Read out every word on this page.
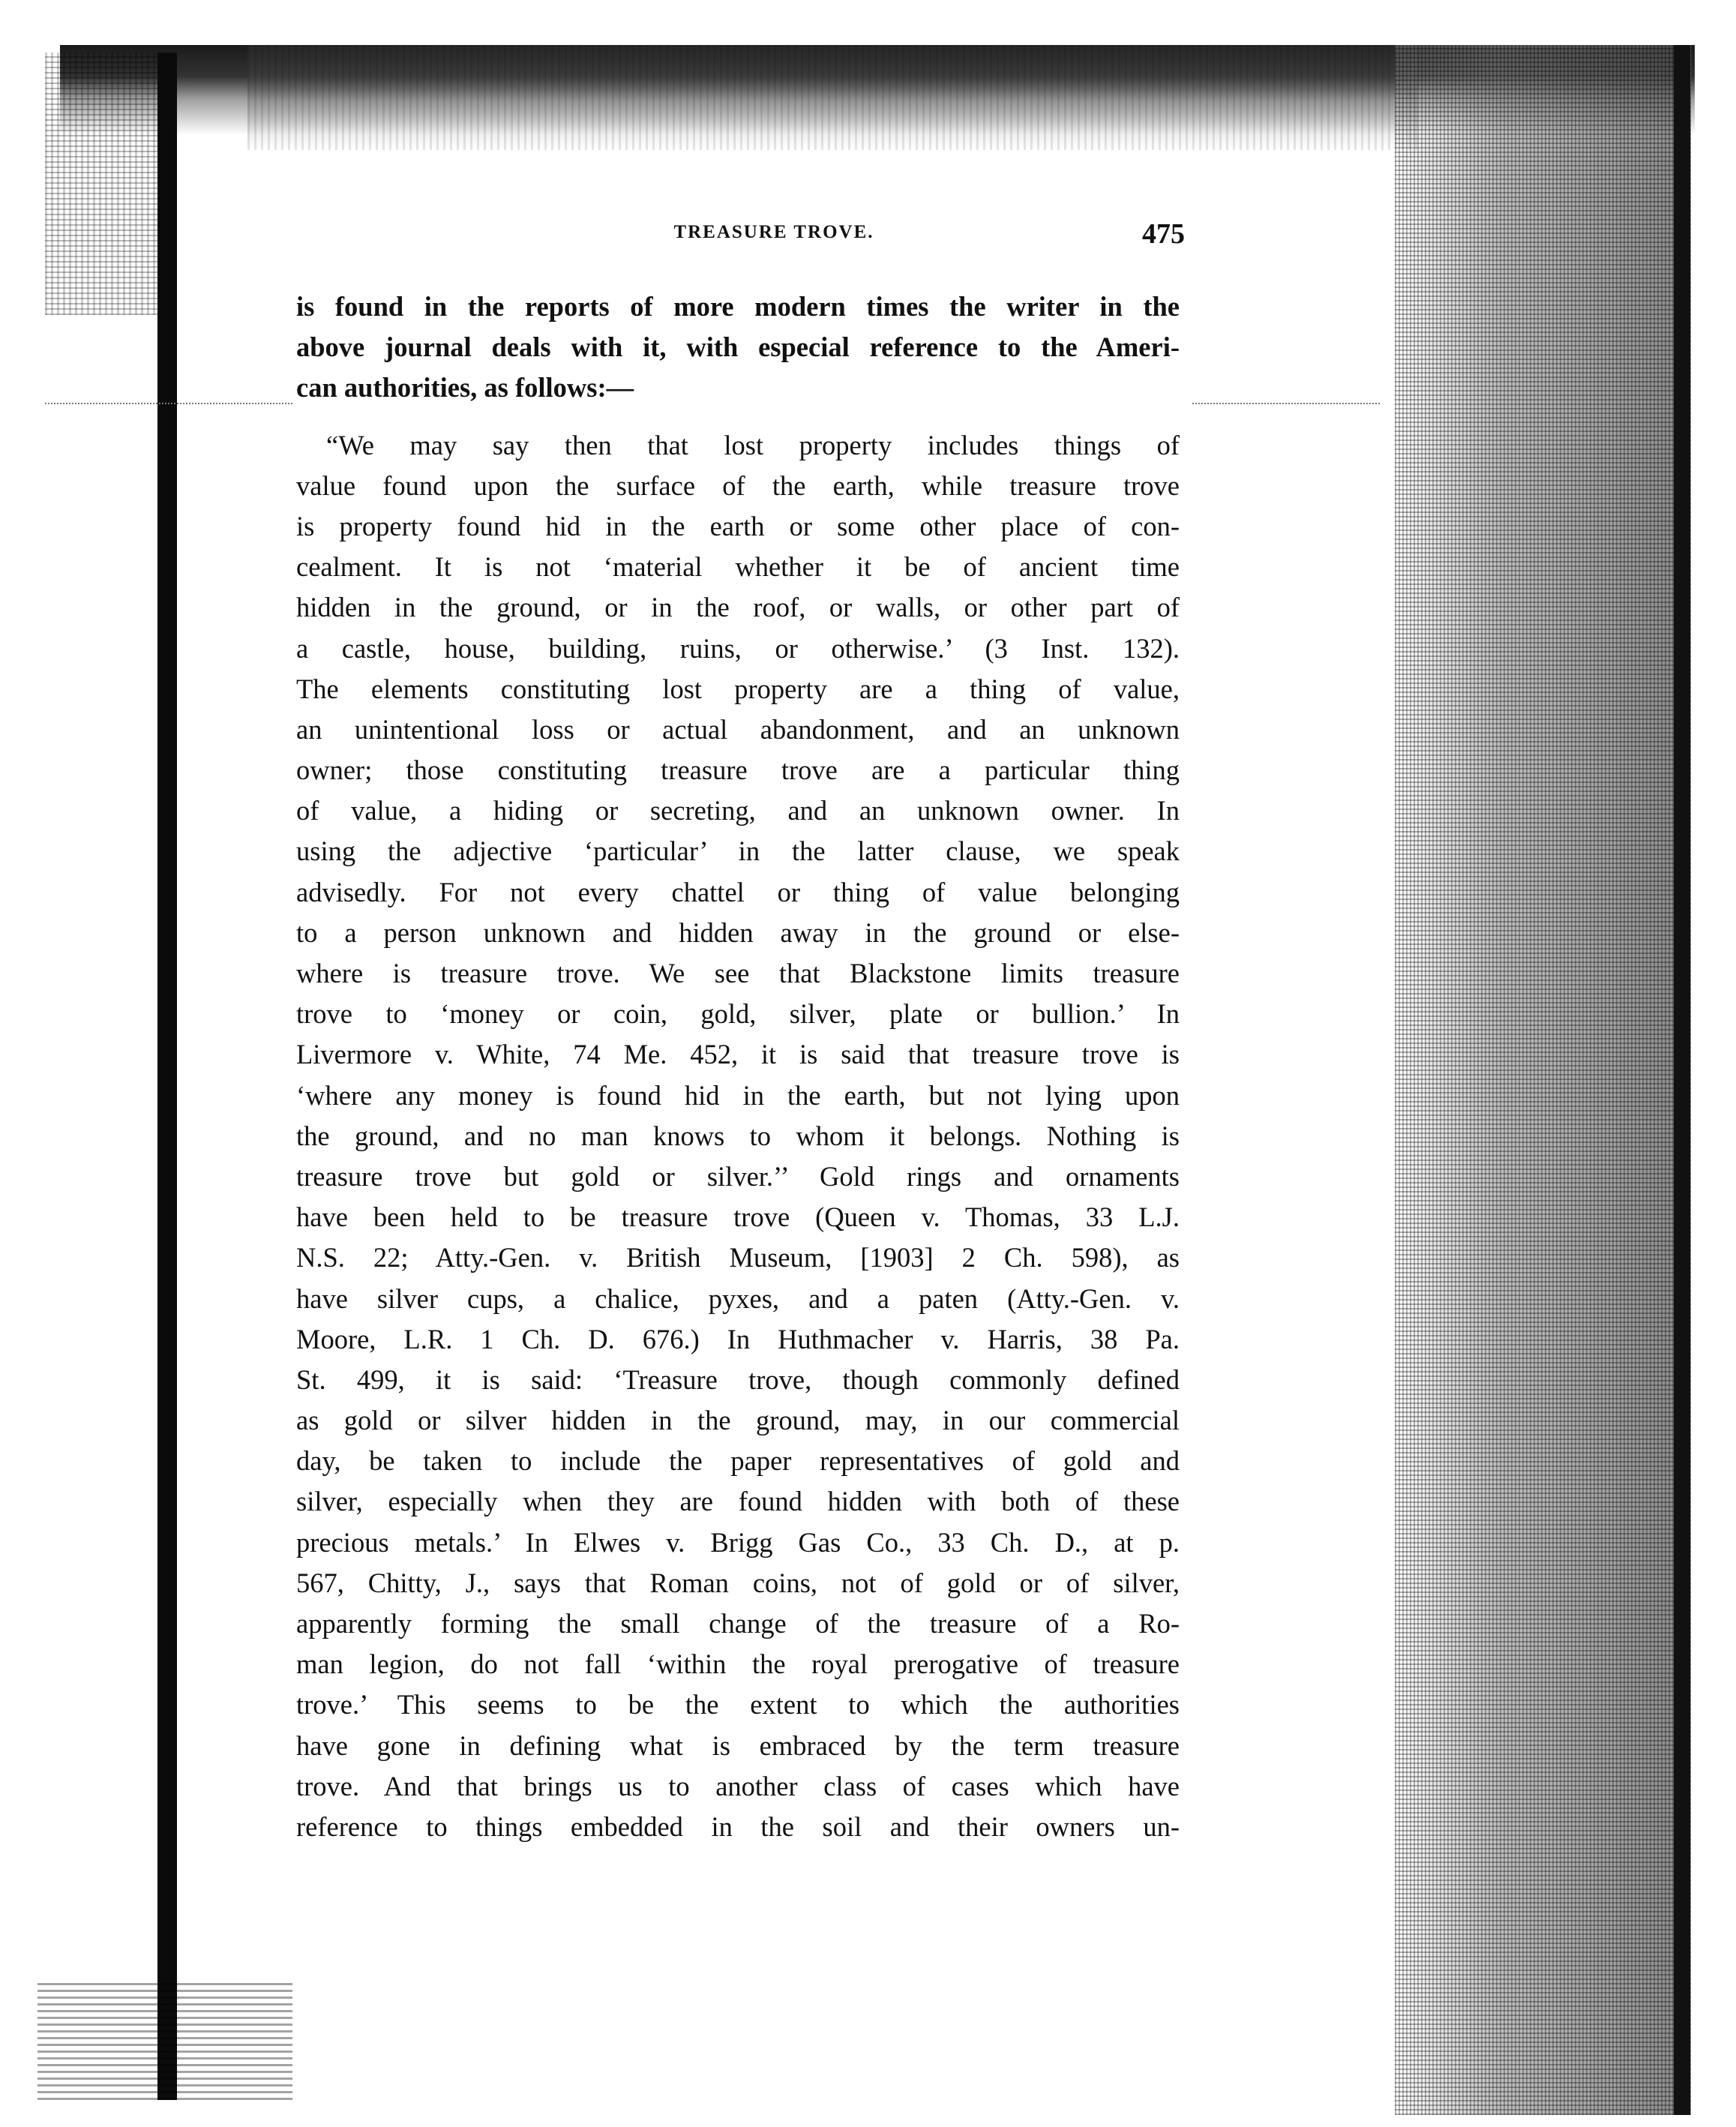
TREASURE TROVE.	475
is found in the reports of more modern times the writer in the
above journal deals with it, with especial reference to the Ameri-
can authorities, as follows:—
“We may say then that lost property includes things of
value found upon the surface of the earth, while treasure trove
is property found hid in the earth or some other place of con-
cealment. It is not ‘material whether it be of ancient time
hidden in the ground, or in the roof, or walls, or other part of
a castle, house, building, ruins, or otherwise.’ (3 Inst. 132).
The elements constituting lost property are a thing of value,
an unintentional loss or actual abandonment, and an unknown
owner; those constituting treasure trove are a particular thing
of value, a hiding or secreting, and an unknown owner. In
using the adjective ‘particular’ in the latter clause, we speak
advisedly. For not every chattel or thing of value belonging
to a person unknown and hidden away in the ground or else-
where is treasure trove. We see that Blackstone limits treasure
trove to ‘money or coin, gold, silver, plate or bullion.’ In
Livermore v. White, 74 Me. 452, it is said that treasure trove is
‘where any money is found hid in the earth, but not lying upon
the ground, and no man knows to whom it belongs. Nothing is
treasure trove but gold or silver.’’ Gold rings and ornaments
have been held to be treasure trove (Queen v. Thomas, 33 L.J.
N.S. 22; Atty.-Gen. v. British Museum, [1903] 2 Ch. 598), as
have silver cups, a chalice, pyxes, and a paten (Atty.-Gen. v.
Moore, L.R. 1 Ch. D. 676.) In Huthmacher v. Harris, 38 Pa.
St. 499, it is said: ‘Treasure trove, though commonly defined
as gold or silver hidden in the ground, may, in our commercial
day, be taken to include the paper representatives of gold and
silver, especially when they are found hidden with both of these
precious metals.’ In Elwes v. Brigg Gas Co., 33 Ch. D., at p.
567, Chitty, J., says that Roman coins, not of gold or of silver,
apparently forming the small change of the treasure of a Ro-
man legion, do not fall ‘within the royal prerogative of treasure
trove.’ This seems to be the extent to which the authorities
have gone in defining what is embraced by the term treasure
trove. And that brings us to another class of cases which have
reference to things embedded in the soil and their owners un-
